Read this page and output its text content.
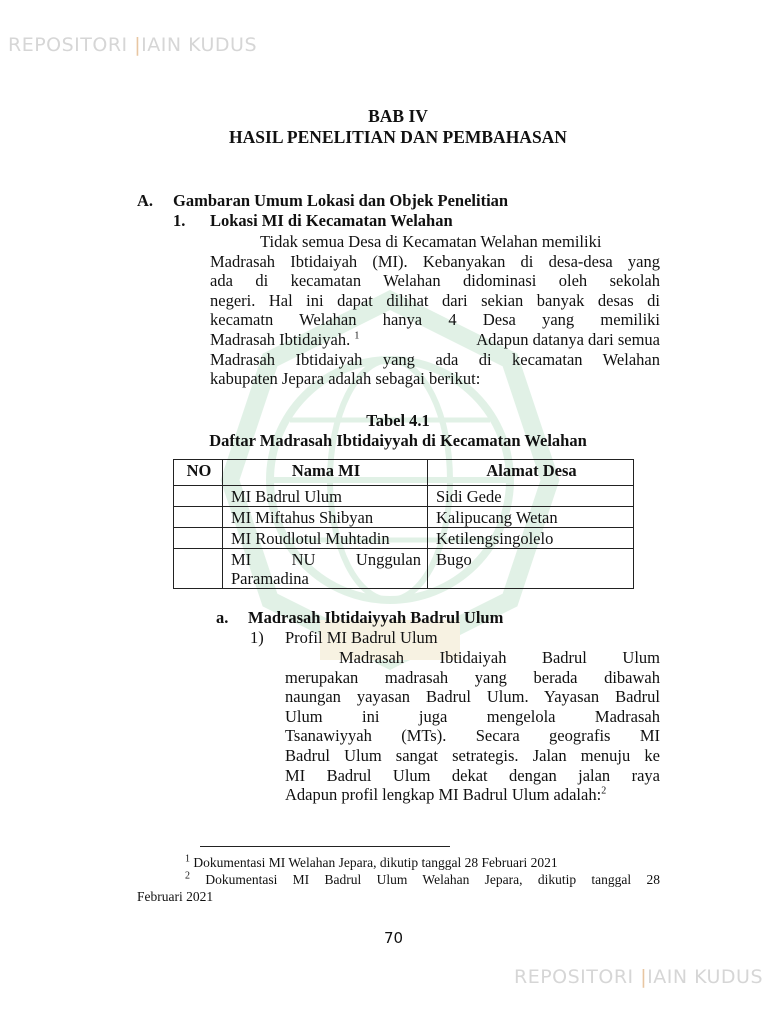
REPOSITORI |IAIN KUDUS
REPOSITORI |IAIN KUDUS
BAB IV
HASIL PENELITIAN DAN PEMBAHASAN
A. Gambaran Umum Lokasi dan Objek Penelitian
1. Lokasi MI di Kecamatan Welahan
Tidak semua Desa di Kecamatan Welahan memiliki
Madrasah Ibtidaiyah (MI). Kebanyakan di desa-desa yang
ada di kecamatan Welahan didominasi oleh sekolah
negeri. Hal ini dapat dilihat dari sekian banyak desas di
kecamatn Welahan hanya 4 Desa yang memiliki
Madrasah Ibtidaiyah. $^1$	Adapun datanya dari semua
Madrasah Ibtidaiyah yang ada di kecamatan Welahan
kabupaten Jepara adalah sebagai berikut:
Tabel 4.1
Daftar Madrasah Ibtidaiyyah di Kecamatan Welahan
NO	Nama MI	Alamat Desa
	MI Badrul Ulum	Sidi Gede
	MI Miftahus Shibyan	Kalipucang Wetan
	MI Roudlotul Muhtadin	Ketilengsingolelo
	MI NU Unggulan Paramadina	Bugo
a. Madrasah Ibtidaiyyah Badrul Ulum
1) Profil MI Badrul Ulum
Madrasah Ibtidaiyah Badrul Ulum
merupakan madrasah yang berada dibawah
naungan yayasan Badrul Ulum. Yayasan Badrul
Ulum ini juga mengelola Madrasah
Tsanawiyyah (MTs). Secara geografis MI
Badrul Ulum sangat setrategis. Jalan menuju ke
MI Badrul Ulum dekat dengan jalan raya
Adapun profil lengkap MI Badrul Ulum adalah:$^2$
$^1$ Dokumentasi MI Welahan Jepara, dikutip tanggal 28 Februari 2021
$^2$ Dokumentasi MI Badrul Ulum Welahan Jepara, dikutip tanggal 28
Februari 2021
70
